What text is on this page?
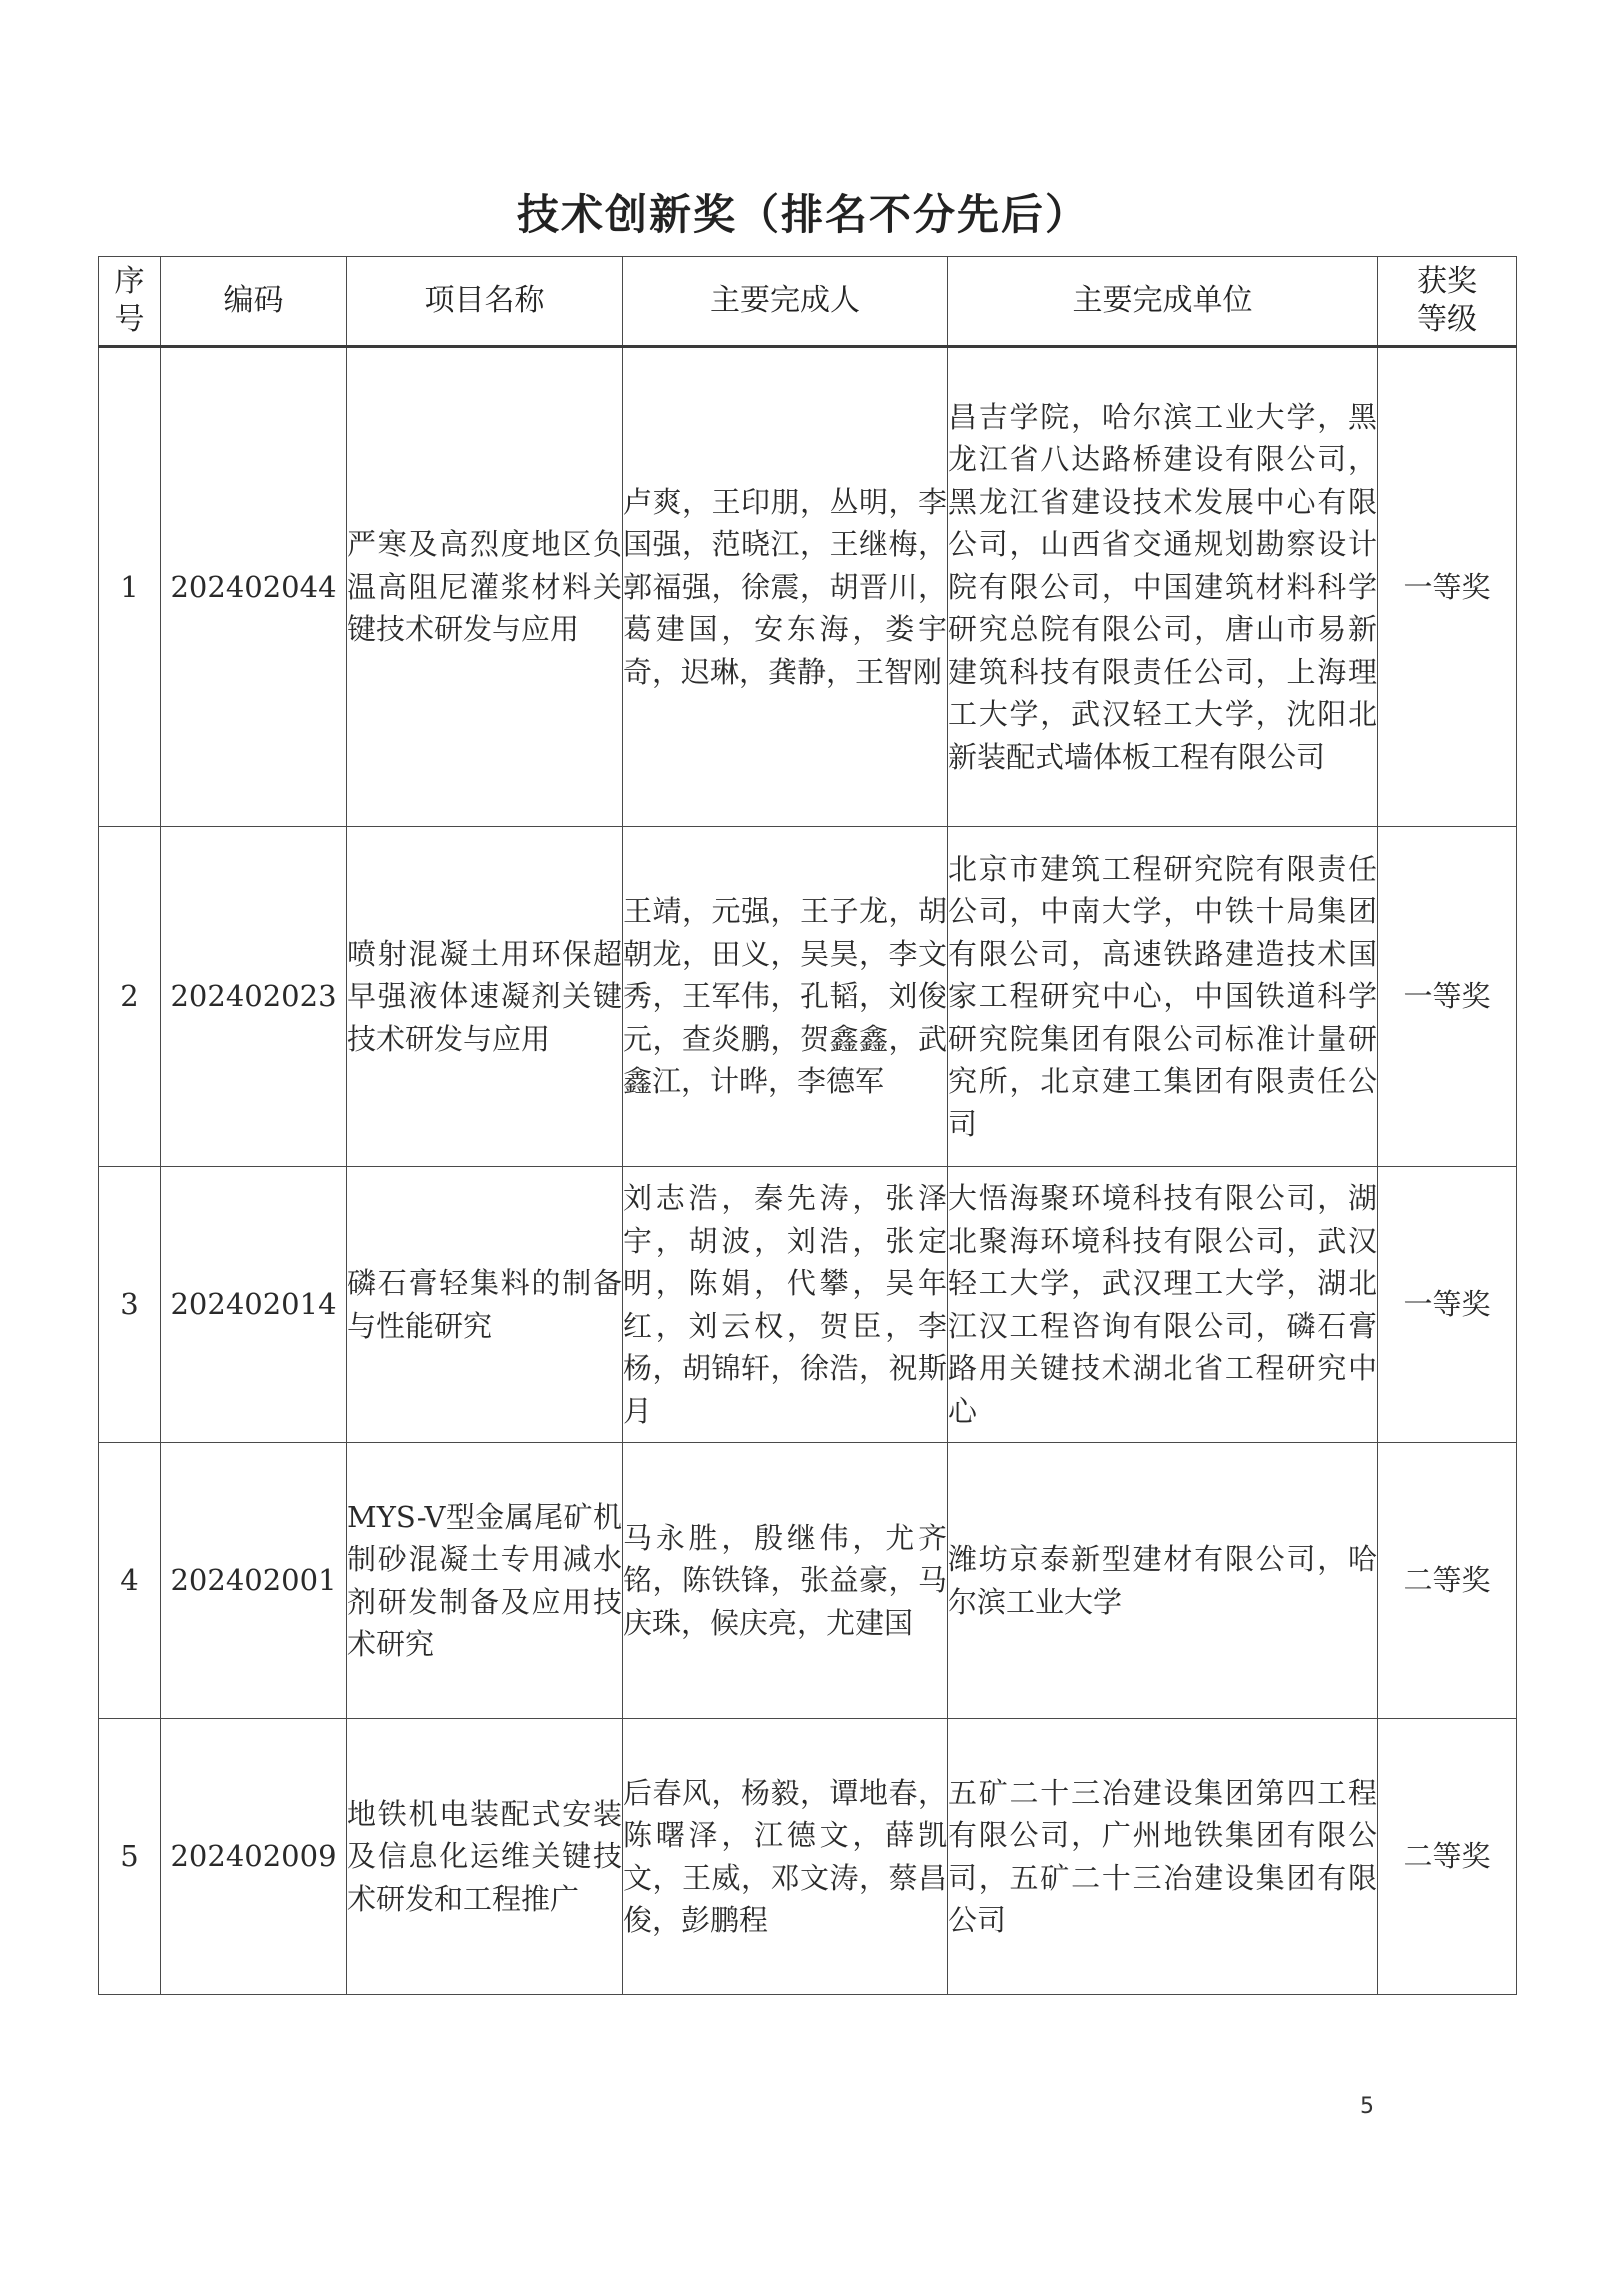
技术创新奖（排名不分先后）
序号	编码	项目名称	主要完成人	主要完成单位	获奖等级
1	202402044	严寒及高烈度地区负温高阻尼灌浆材料关键技术研发与应用	卢爽，王印朋，丛明，李国强，范晓江，王继梅，郭福强，徐震，胡晋川，葛建国，安东海，娄宇奇，迟琳，龚静，王智刚	昌吉学院，哈尔滨工业大学，黑龙江省八达路桥建设有限公司，黑龙江省建设技术发展中心有限公司，山西省交通规划勘察设计院有限公司，中国建筑材料科学研究总院有限公司，唐山市易新建筑科技有限责任公司，上海理工大学，武汉轻工大学，沈阳北新装配式墙体板工程有限公司	一等奖
2	202402023	喷射混凝土用环保超早强液体速凝剂关键技术研发与应用	王靖，元强，王子龙，胡朝龙，田义，吴昊，李文秀，王军伟，孔韬，刘俊元，查炎鹏，贺鑫鑫，武鑫江，计晔，李德军	北京市建筑工程研究院有限责任公司，中南大学，中铁十局集团有限公司，高速铁路建造技术国家工程研究中心，中国铁道科学研究院集团有限公司标准计量研究所，北京建工集团有限责任公司	一等奖
3	202402014	磷石膏轻集料的制备与性能研究	刘志浩，秦先涛，张泽宇，胡波，刘浩，张定明，陈娟，代攀，吴年红，刘云权，贺臣，李杨，胡锦轩，徐浩，祝斯月	大悟海聚环境科技有限公司，湖北聚海环境科技有限公司，武汉轻工大学，武汉理工大学，湖北江汉工程咨询有限公司，磷石膏路用关键技术湖北省工程研究中心	一等奖
4	202402001	MYS-V型金属尾矿机制砂混凝土专用减水剂研发制备及应用技术研究	马永胜，殷继伟，尤齐铭，陈铁锋，张益豪，马庆珠，候庆亮，尤建国	潍坊京泰新型建材有限公司，哈尔滨工业大学	二等奖
5	202402009	地铁机电装配式安装及信息化运维关键技术研发和工程推广	后春风，杨毅，谭地春，陈曙泽，江德文，薛凯文，王威，邓文涛，蔡昌俊，彭鹏程	五矿二十三冶建设集团第四工程有限公司，广州地铁集团有限公司，五矿二十三冶建设集团有限公司	二等奖
5
